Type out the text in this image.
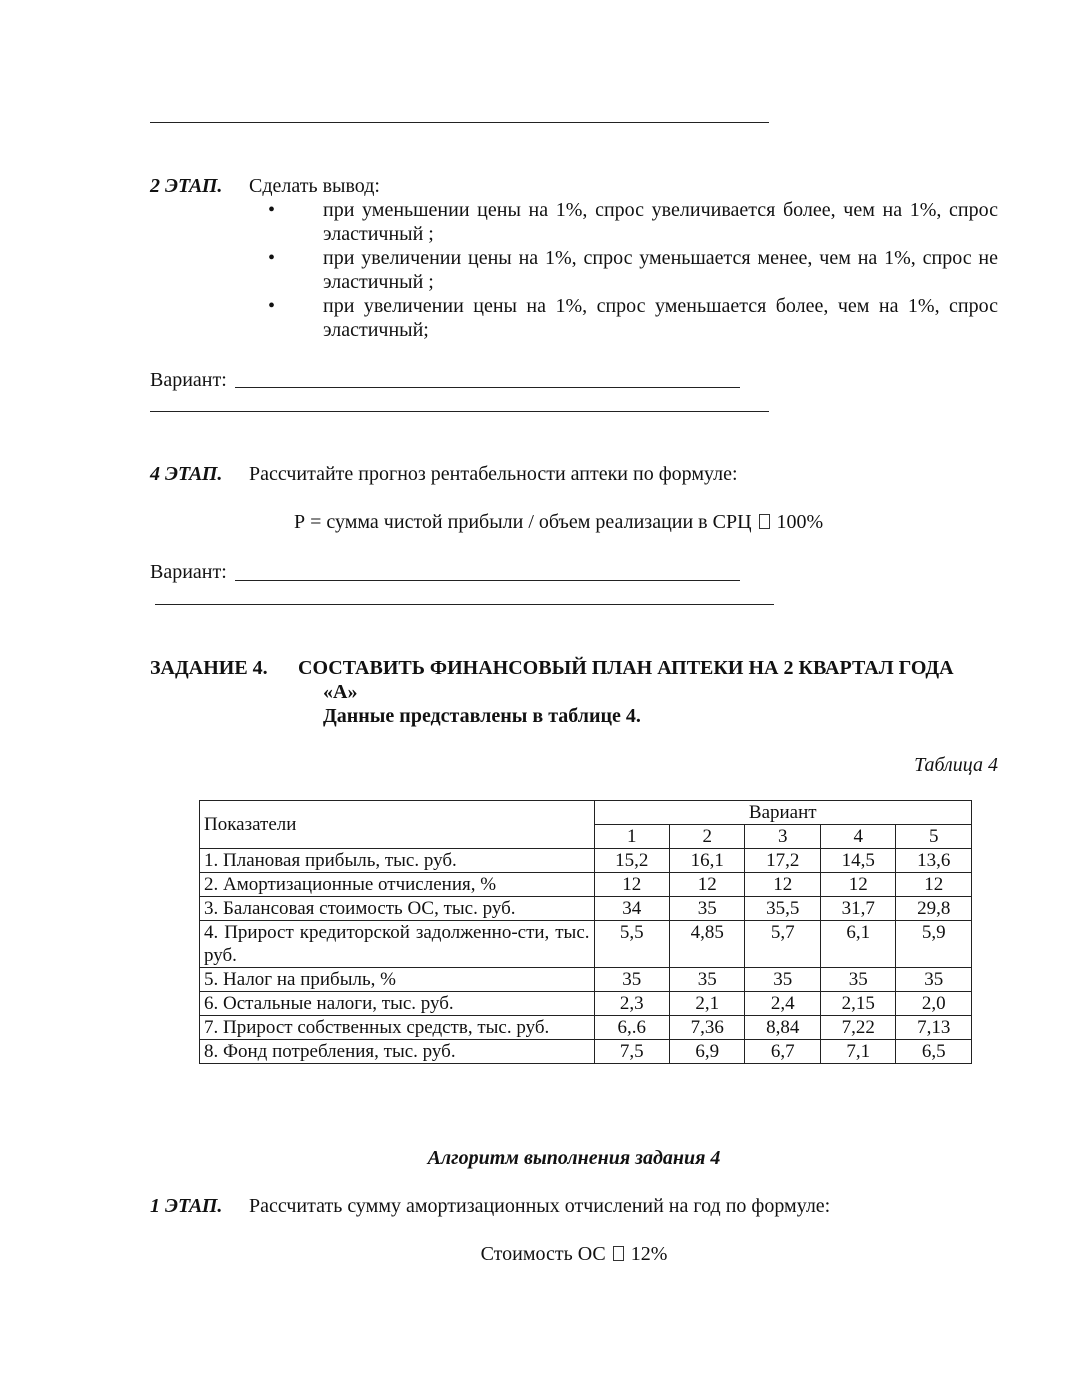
2 ЭТАП. Сделать вывод:
•	при уменьшении цены на 1%, спрос увеличивается более, чем на 1%, спрос эластичный ;
•	при увеличении цены на 1%, спрос уменьшается менее, чем на 1%, спрос не эластичный ;
•	при увеличении цены на 1%, спрос уменьшается более, чем на 1%, спрос эластичный;
Вариант:
4 ЭТАП. Рассчитайте прогноз рентабельности аптеки по формуле:
Р = сумма чистой прибыли / объем реализации в СРЦ 100%
Вариант:
ЗАДАНИЕ 4. СОСТАВИТЬ ФИНАНСОВЫЙ ПЛАН АПТЕКИ НА 2 КВАРТАЛ ГОДА
«А»
Данные представлены в таблице 4.
Таблица 4
Показатели	Вариант				
	1	2	3	4	5
1. Плановая прибыль, тыс. руб.	15,2	16,1	17,2	14,5	13,6
2. Амортизационные отчисления, %	12	12	12	12	12
3. Балансовая стоимость ОС, тыс. руб.	34	35	35,5	31,7	29,8
4. Прирост кредиторской задолженно-сти, тыс. руб.	5,5	4,85	5,7	6,1	5,9
5. Налог на прибыль, %	35	35	35	35	35
6. Остальные налоги, тыс. руб.	2,3	2,1	2,4	2,15	2,0
7. Прирост собственных средств, тыс. руб.	6,.6	7,36	8,84	7,22	7,13
8. Фонд потребления, тыс. руб.	7,5	6,9	6,7	7,1	6,5
Алгоритм выполнения задания 4
1 ЭТАП. Рассчитать сумму амортизационных отчислений на год по формуле:
Стоимость ОС 12%
